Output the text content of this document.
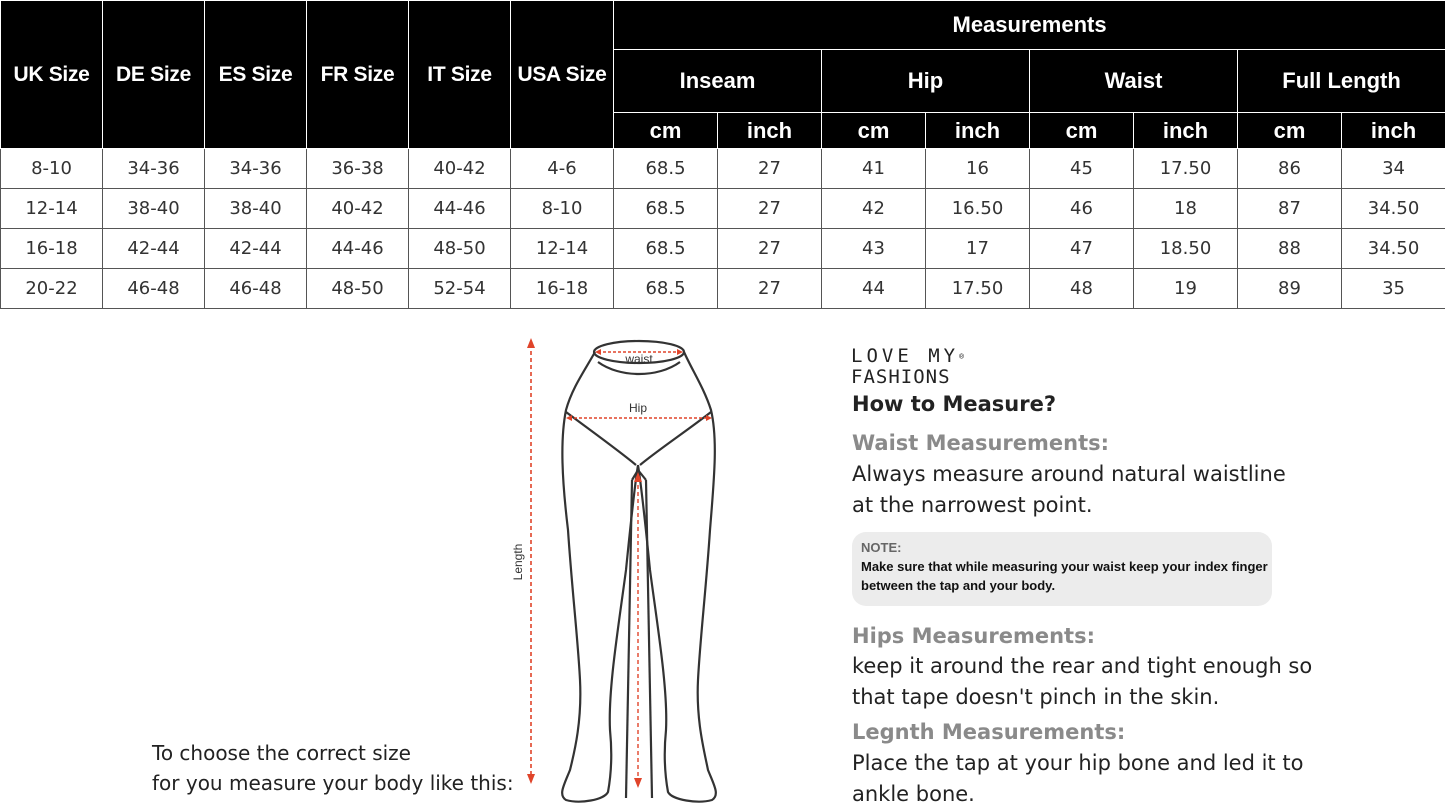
UK Size	DE Size	ES Size	FR Size	IT Size	USA Size	Measurements							
						Inseam		Hip		Waist		Full Length	
						cm	inch	cm	inch	cm	inch	cm	inch
8-10	34-36	34-36	36-38	40-42	4-6	68.5	27	41	16	45	17.50	86	34
12-14	38-40	38-40	40-42	44-46	8-10	68.5	27	42	16.50	46	18	87	34.50
16-18	42-44	42-44	44-46	48-50	12-14	68.5	27	43	17	47	18.50	88	34.50
20-22	46-48	46-48	48-50	52-54	16-18	68.5	27	44	17.50	48	19	89	35
Length
waist
Hip
To choose the correct size
for you measure your body like this:
LOVE MY®
FASHIONS
How to Measure?
Waist Measurements:
Always measure around natural waistline
at the narrowest point.
NOTE:
Make sure that while measuring your waist keep your index finger
between the tap and your body.
Hips Measurements:
keep it around the rear and tight enough so
that tape doesn't pinch in the skin.
Legnth Measurements:
Place the tap at your hip bone and led it to
ankle bone.
